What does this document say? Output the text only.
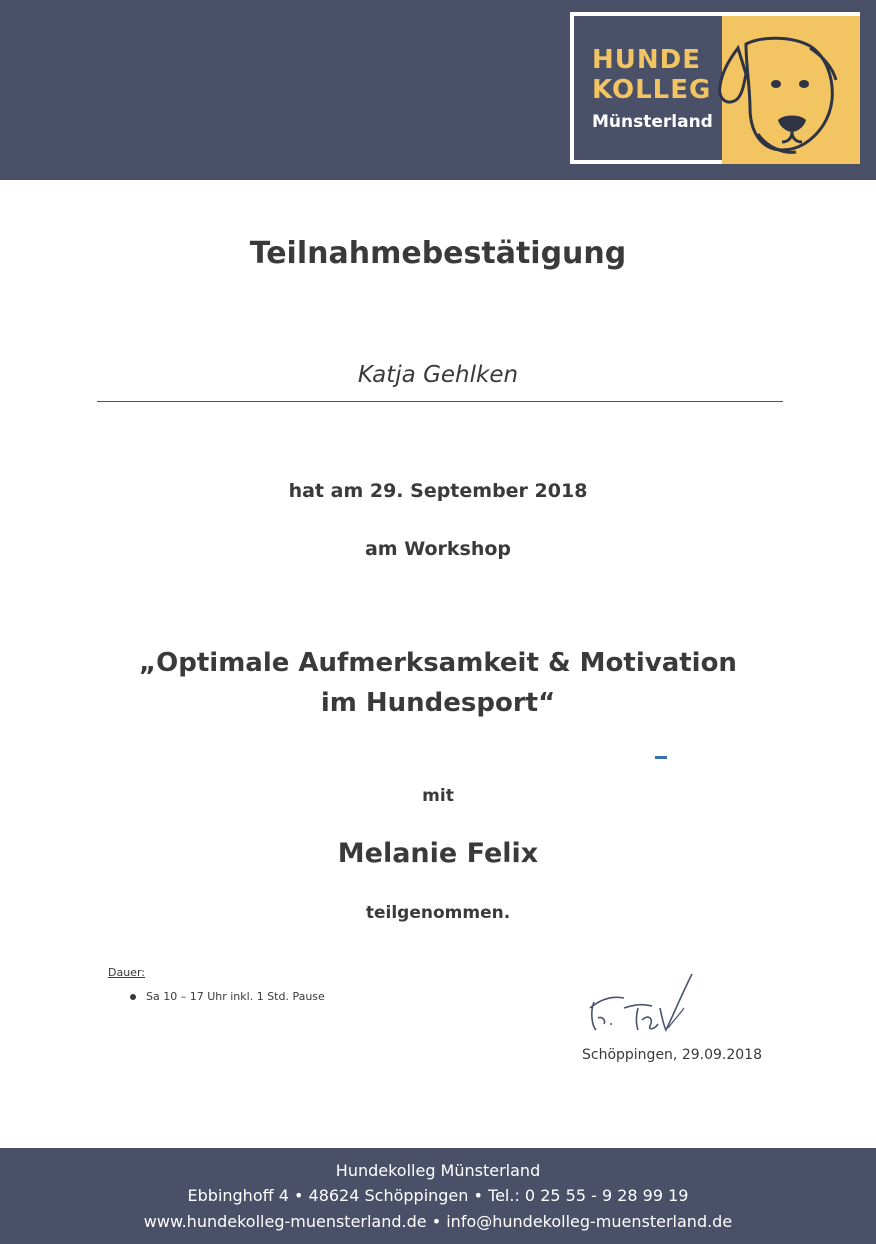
HUNDE
KOLLEG
Münsterland
Teilnahmebestätigung
Katja Gehlken
hat am 29. September 2018
am Workshop
„Optimale Aufmerksamkeit & Motivation
im Hundesport“
mit
Melanie Felix
teilgenommen.
Dauer:
Sa 10 – 17 Uhr inkl. 1 Std. Pause
Schöppingen, 29.09.2018
Hundekolleg Münsterland
Ebbinghoff 4 • 48624 Schöppingen • Tel.: 0 25 55 - 9 28 99 19
www.hundekolleg-muensterland.de • info@hundekolleg-muensterland.de
